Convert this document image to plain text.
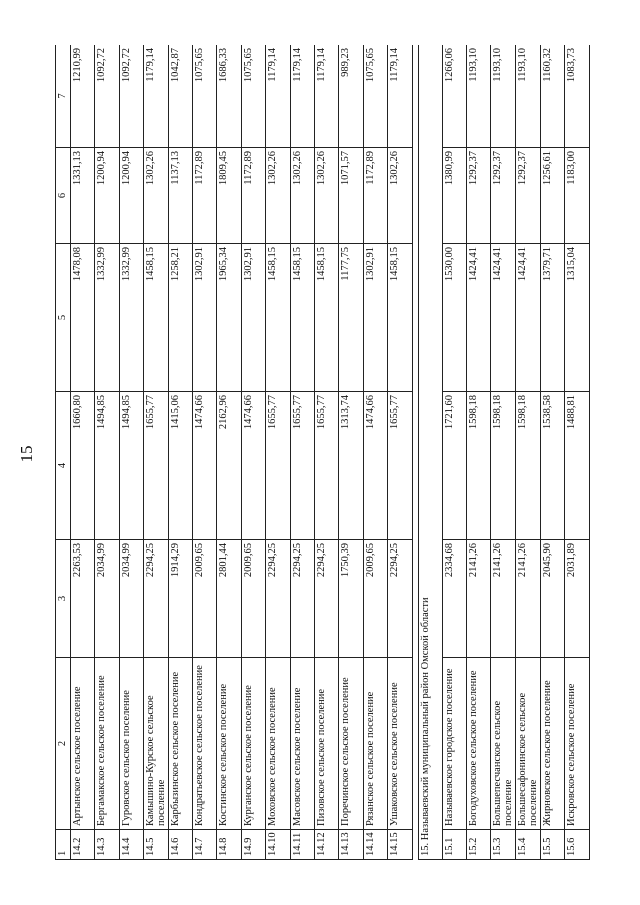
15
1	2	3	4	5	6	7
14.2	Артынское сельское поселение	2263,53	1660,80	1478,08	1331,13	1210,99
14.3	Бергамакское сельское поселение	2034,99	1494,85	1332,99	1200,94	1092,72
14.4	Гуровское сельское поселение	2034,99	1494,85	1332,99	1200,94	1092,72
14.5	Камышино-Курское сельское поселение	2294,25	1655,77	1458,15	1302,26	1179,14
14.6	Карбызинское сельское поселение	1914,29	1415,06	1258,21	1137,13	1042,87
14.7	Кондратьевское сельское поселение	2009,65	1474,66	1302,91	1172,89	1075,65
14.8	Костинское сельское поселение	2801,44	2162,96	1965,34	1809,45	1686,33
14.9	Курганское сельское поселение	2009,65	1474,66	1302,91	1172,89	1075,65
14.10	Моховское сельское поселение	2294,25	1655,77	1458,15	1302,26	1179,14
14.11	Масовское сельское поселение	2294,25	1655,77	1458,15	1302,26	1179,14
14.12	Пизовское сельское поселение	2294,25	1655,77	1458,15	1302,26	1179,14
14.13	Поречинское сельское поселение	1750,39	1313,74	1177,75	1071,57	989,23
14.14	Рязанское сельское поселение	2009,65	1474,66	1302,91	1172,89	1075,65
14.15	Ушаковское сельское поселение	2294,25	1655,77	1458,15	1302,26	1179,14

15. Называевский муниципальный район Омской области						
15.1	Называевское городское поселение	2334,68	1721,60	1530,00	1380,99	1266,06
15.2	Богодуховское сельское поселение	2141,26	1598,18	1424,41	1292,37	1193,10
15.3	Большепесчанское сельское поселение	2141,26	1598,18	1424,41	1292,37	1193,10
15.4	Большесафонинское сельское поселение	2141,26	1598,18	1424,41	1292,37	1193,10
15.5	Жирновское сельское поселение	2045,90	1538,58	1379,71	1256,61	1160,32
15.6	Искровское сельское поселение	2031,89	1488,81	1315,04	1183,00	1083,73
